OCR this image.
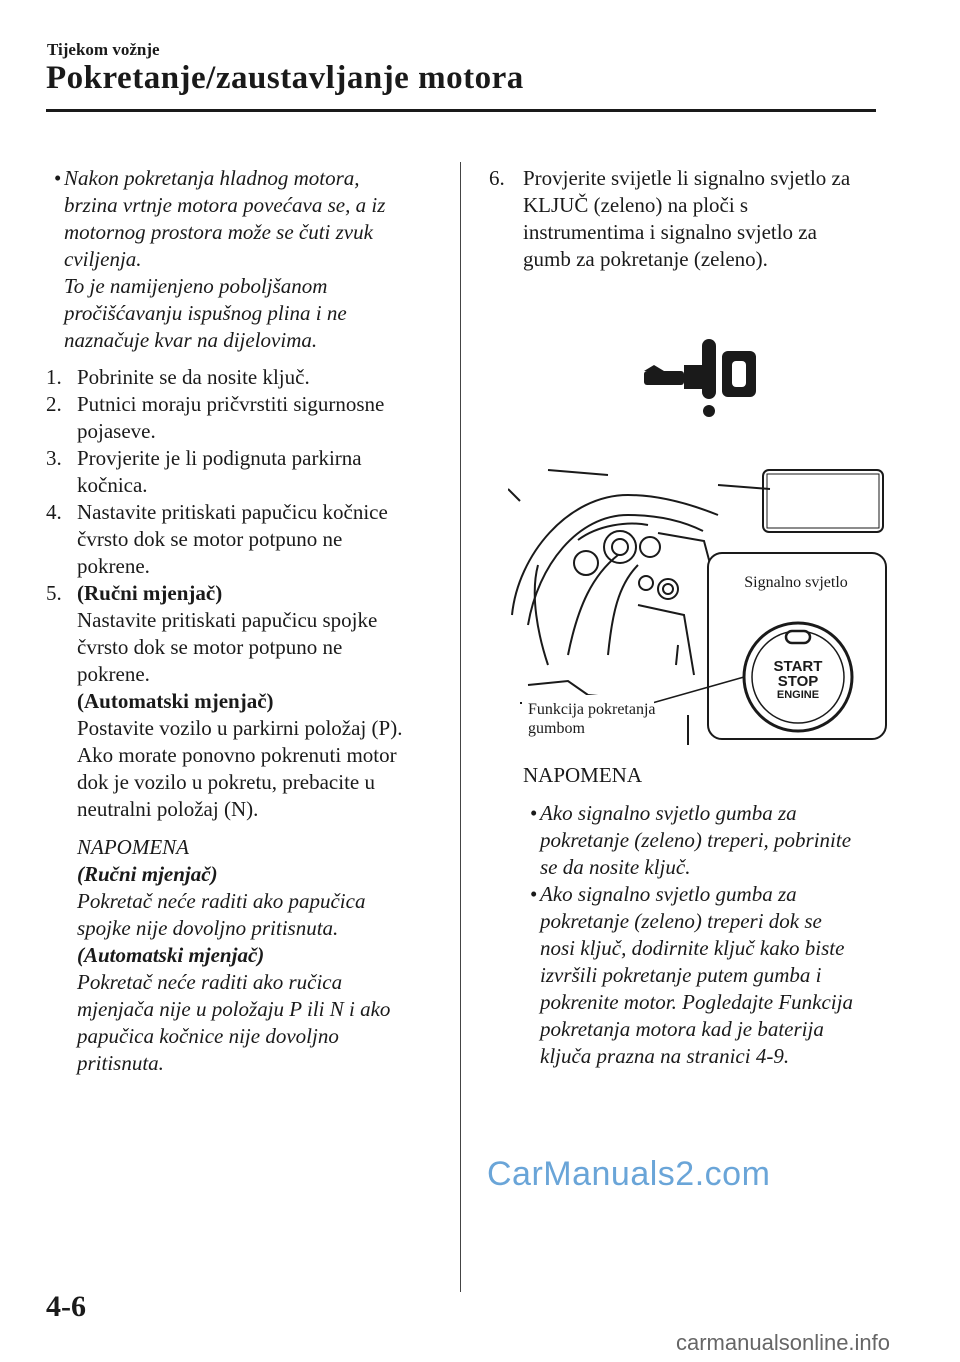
Tijekom vožnje
Pokretanje/zaustavljanje motora
• Nakon pokretanja hladnog motora,
brzina vrtnje motora povećava se, a iz
motornog prostora može se čuti zvuk
cviljenja.
To je namijenjeno poboljšanom
pročišćavanju ispušnog plina i ne
naznačuje kvar na dijelovima.
1. Pobrinite se da nosite ključ.
2. Putnici moraju pričvrstiti sigurnosne
pojaseve.
3. Provjerite je li podignuta parkirna
kočnica.
4. Nastavite pritiskati papučicu kočnice
čvrsto dok se motor potpuno ne
pokrene.
5. (Ručni mjenjač)
Nastavite pritiskati papučicu spojke
čvrsto dok se motor potpuno ne
pokrene.
(Automatski mjenjač)
Postavite vozilo u parkirni položaj (P).
Ako morate ponovno pokrenuti motor
dok je vozilo u pokretu, prebacite u
neutralni položaj (N).
NAPOMENA
(Ručni mjenjač)
Pokretač neće raditi ako papučica
spojke nije dovoljno pritisnuta.
(Automatski mjenjač)
Pokretač neće raditi ako ručica
mjenjača nije u položaju P ili N i ako
papučica kočnice nije dovoljno
pritisnuta.
6. Provjerite svijetle li signalno svjetlo za
KLJUČ (zeleno) na ploči s
instrumentima i signalno svjetlo za
gumb za pokretanje (zeleno).
START
STOP
ENGINE
Signalno svjetlo
Funkcija pokretanja
gumbom
NAPOMENA
• Ako signalno svjetlo gumba za
pokretanje (zeleno) treperi, pobrinite
se da nosite ključ.
• Ako signalno svjetlo gumba za
pokretanje (zeleno) treperi dok se
nosi ključ, dodirnite ključ kako biste
izvršili pokretanje putem gumba i
pokrenite motor. Pogledajte Funkcija
pokretanja motora kad je baterija
ključa prazna na stranici 4-9.
CarManuals2.com
4-6
carmanualsonline.info
